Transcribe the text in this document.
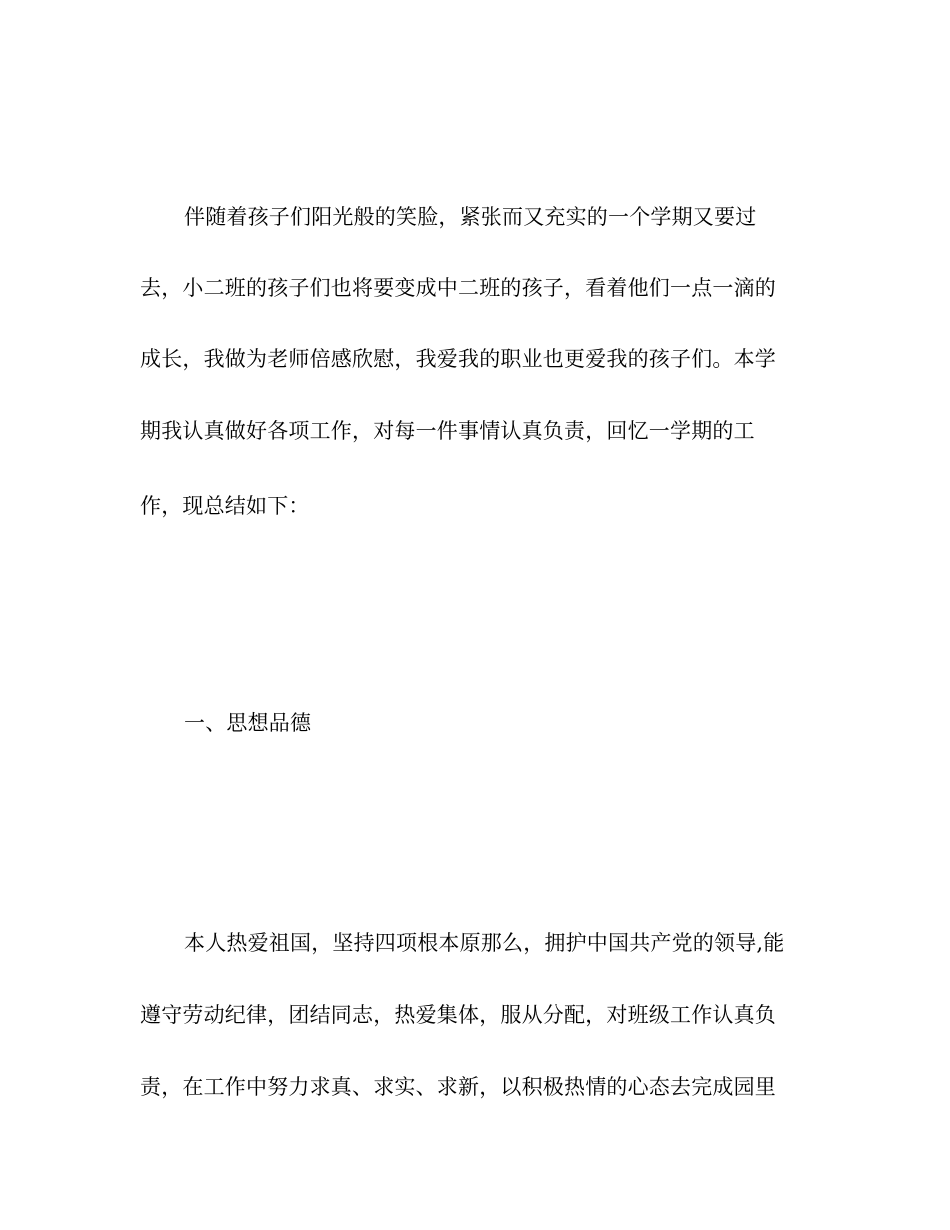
伴随着孩子们阳光般的笑脸，紧张而又充实的一个学期又要过
去，小二班的孩子们也将要变成中二班的孩子，看着他们一点一滴的
成长，我做为老师倍感欣慰，我爱我的职业也更爱我的孩子们。本学
期我认真做好各项工作，对每一件事情认真负责，回忆一学期的工
作，现总结如下：
一、思想品德
本人热爱祖国，坚持四项根本原那么，拥护中国共产党的领导,能
遵守劳动纪律，团结同志，热爱集体，服从分配，对班级工作认真负
责，在工作中努力求真、求实、求新，以积极热情的心态去完成园里
